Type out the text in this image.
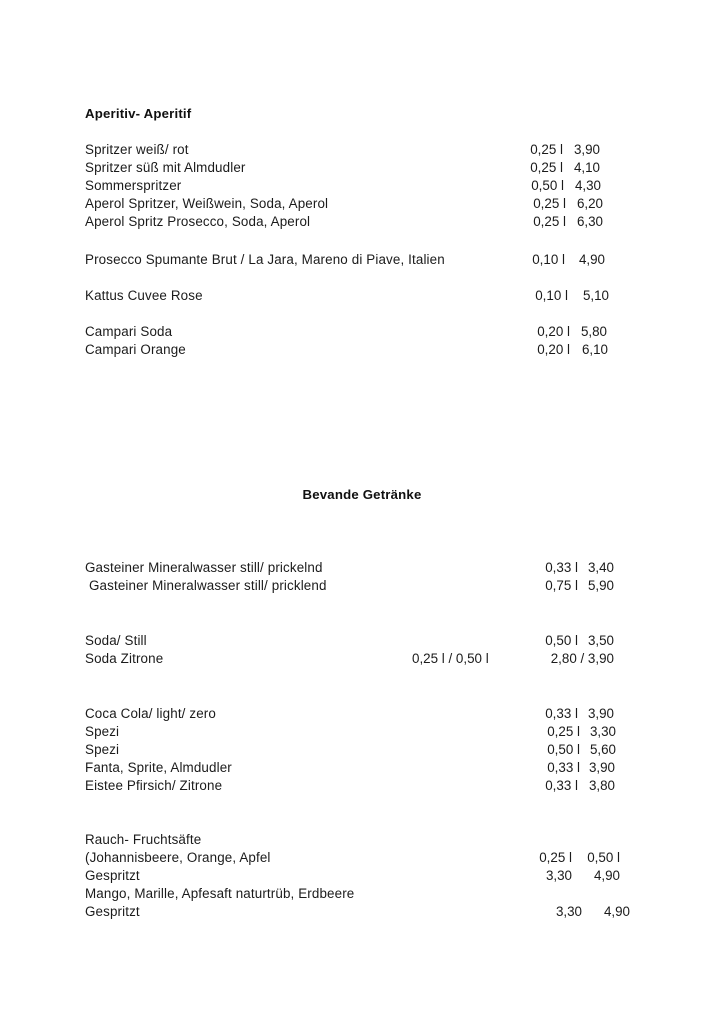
Aperitiv- Aperitif
Spritzer weiß/ rot	0,25 l 3,90
Spritzer süß mit Almdudler	0,25 l 4,10
Sommerspritzer	0,50 l 4,30
Aperol Spritzer, Weißwein, Soda, Aperol	0,25 l 6,20
Aperol Spritz Prosecco, Soda, Aperol	0,25 l 6,30
Prosecco Spumante Brut / La Jara, Mareno di Piave, Italien	0,10 l	4,90
Kattus Cuvee Rose	0,10 l	5,10
Campari Soda	0,20 l 5,80
Campari Orange	0,20 l 6,10
Bevande Getränke
Gasteiner Mineralwasser still/ prickelnd	0,33 l 3,40
Gasteiner Mineralwasser still/ pricklend	0,75 l 5,90
Soda/ Still	0,50 l 3,50
Soda Zitrone	0,25 l / 0,50 l	2,80 / 3,90
Coca Cola/ light/ zero	0,33 l 3,90
Spezi	0,25 l 3,30
Spezi	0,50 l 5,60
Fanta, Sprite, Almdudler	0,33 l 3,90
Eistee Pfirsich/ Zitrone	0,33 l 3,80
Rauch- Fruchtsäfte
(Johannisbeere, Orange, Apfel	0,25 l	0,50 l
Gespritzt	3,30	4,90
Mango, Marille, Apfesaft naturtrüb, Erdbeere
Gespritzt	3,30	4,90
